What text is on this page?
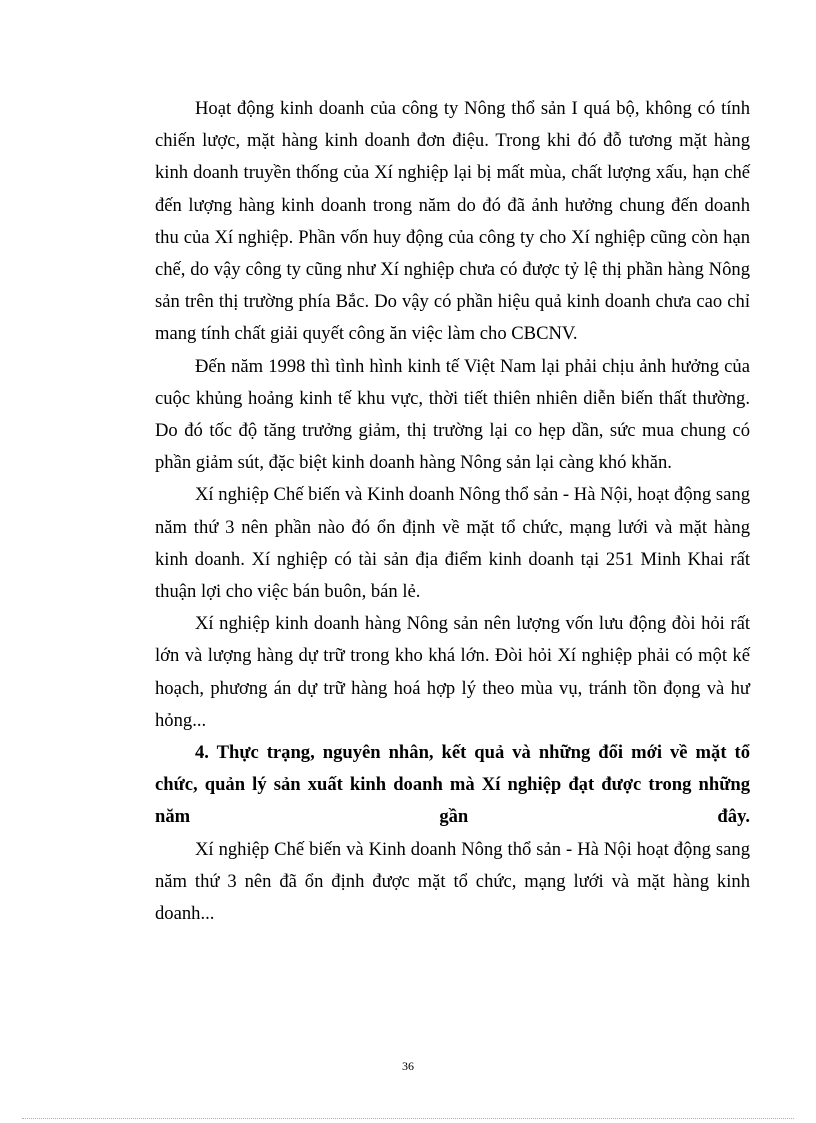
Hoạt động kinh doanh của công ty Nông thổ sản I quá bộ, không có tính chiến lược, mặt hàng kinh doanh đơn điệu. Trong khi đó đỗ tương mặt hàng kinh doanh truyền thống của Xí nghiệp lại bị mất mùa, chất lượng xấu, hạn chế đến lượng hàng kinh doanh trong năm do đó đã ảnh hưởng chung đến doanh thu của Xí nghiệp. Phần vốn huy động của công ty cho Xí nghiệp cũng còn hạn chế, do vậy công ty cũng như Xí nghiệp chưa có được tỷ lệ thị phần hàng Nông sản trên thị trường phía Bắc. Do vậy có phần hiệu quả kinh doanh chưa cao chỉ mang tính chất giải quyết công ăn việc làm cho CBCNV.

Đến năm 1998 thì tình hình kinh tế Việt Nam lại phải chịu ảnh hưởng của cuộc khủng hoảng kinh tế khu vực, thời tiết thiên nhiên diễn biến thất thường. Do đó tốc độ tăng trưởng giảm, thị trường lại co hẹp dần, sức mua chung có phần giảm sút, đặc biệt kinh doanh hàng Nông sản lại càng khó khăn.

Xí nghiệp Chế biến và Kinh doanh Nông thổ sản - Hà Nội, hoạt động sang năm thứ 3 nên phần nào đó ổn định về mặt tổ chức, mạng lưới và mặt hàng kinh doanh. Xí nghiệp có tài sản địa điểm kinh doanh tại 251 Minh Khai rất thuận lợi cho việc bán buôn, bán lẻ.

Xí nghiệp kinh doanh hàng Nông sản nên lượng vốn lưu động đòi hỏi rất lớn và lượng hàng dự trữ trong kho khá lớn. Đòi hỏi Xí nghiệp phải có một kế hoạch, phương án dự trữ hàng hoá hợp lý theo mùa vụ, tránh tồn đọng và hư hỏng...

4. Thực trạng, nguyên nhân, kết quả và những đổi mới về mặt tổ chức, quản lý sản xuất kinh doanh mà Xí nghiệp đạt được trong những năm gần đây.

Xí nghiệp Chế biến và Kinh doanh Nông thổ sản - Hà Nội hoạt động sang năm thứ 3 nên đã ổn định được mặt tổ chức, mạng lưới và mặt hàng kinh doanh...

36
